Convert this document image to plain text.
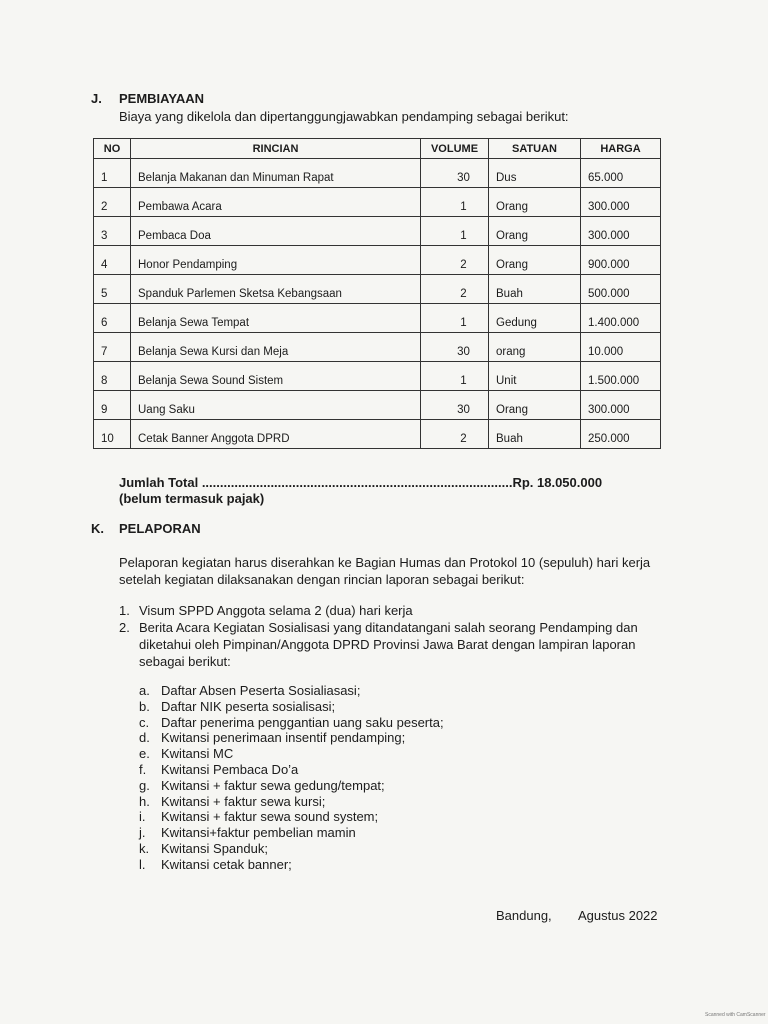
J. PEMBIAYAAN
Biaya yang dikelola dan dipertanggungjawabkan pendamping sebagai berikut:
NO	RINCIAN	VOLUME	SATUAN	HARGA
1	Belanja Makanan dan Minuman Rapat	30	Dus	65.000
2	Pembawa Acara	1	Orang	300.000
3	Pembaca Doa	1	Orang	300.000
4	Honor Pendamping	2	Orang	900.000
5	Spanduk Parlemen Sketsa Kebangsaan	2	Buah	500.000
6	Belanja Sewa Tempat	1	Gedung	1.400.000
7	Belanja Sewa Kursi dan Meja	30	orang	10.000
8	Belanja Sewa Sound Sistem	1	Unit	1.500.000
9	Uang Saku	30	Orang	300.000
10	Cetak Banner Anggota DPRD	2	Buah	250.000
Jumlah Total ......................................................................................Rp. 18.050.000
(belum termasuk pajak)
K. PELAPORAN
Pelaporan kegiatan harus diserahkan ke Bagian Humas dan Protokol 10 (sepuluh) hari kerja setelah kegiatan dilaksanakan dengan rincian laporan sebagai berikut:
1. Visum SPPD Anggota selama 2 (dua) hari kerja
2. Berita Acara Kegiatan Sosialisasi yang ditandatangani salah seorang Pendamping dan
diketahui oleh Pimpinan/Anggota DPRD Provinsi Jawa Barat dengan lampiran laporan
sebagai berikut:
a. Daftar Absen Peserta Sosialiasasi;
b. Daftar NIK peserta sosialisasi;
c. Daftar penerima penggantian uang saku peserta;
d. Kwitansi penerimaan insentif pendamping;
e. Kwitansi MC
f. Kwitansi Pembaca Do’a
g. Kwitansi + faktur sewa gedung/tempat;
h. Kwitansi + faktur sewa kursi;
i. Kwitansi + faktur sewa sound system;
j. Kwitansi+faktur pembelian mamin
k. Kwitansi Spanduk;
l. Kwitansi cetak banner;
Bandung, Agustus 2022
Scanned with CamScanner
